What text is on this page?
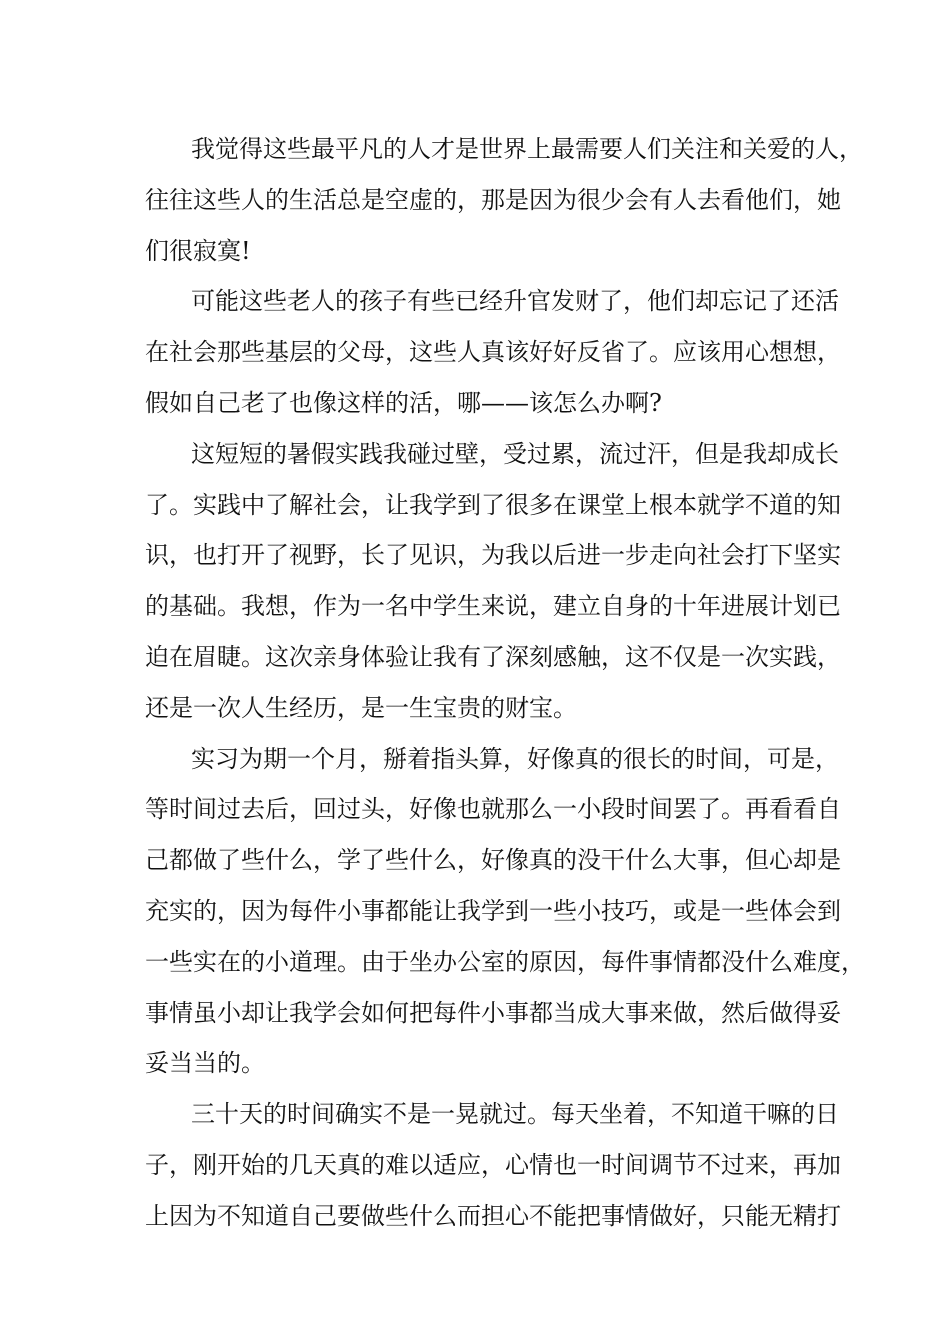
我觉得这些最平凡的人才是世界上最需要人们关注和关爱的人，
往往这些人的生活总是空虚的，那是因为很少会有人去看他们，她
们很寂寞!
可能这些老人的孩子有些已经升官发财了，他们却忘记了还活
在社会那些基层的父母，这些人真该好好反省了。应该用心想想，
假如自己老了也像这样的活，哪——该怎么办啊?
这短短的暑假实践我碰过壁，受过累，流过汗，但是我却成长
了。实践中了解社会，让我学到了很多在课堂上根本就学不道的知
识，也打开了视野，长了见识，为我以后进一步走向社会打下坚实
的基础。我想，作为一名中学生来说，建立自身的十年进展计划已
迫在眉睫。这次亲身体验让我有了深刻感触，这不仅是一次实践，
还是一次人生经历，是一生宝贵的财宝。
实习为期一个月，掰着指头算，好像真的很长的时间，可是，
等时间过去后，回过头，好像也就那么一小段时间罢了。再看看自
己都做了些什么，学了些什么，好像真的没干什么大事，但心却是
充实的，因为每件小事都能让我学到一些小技巧，或是一些体会到
一些实在的小道理。由于坐办公室的原因，每件事情都没什么难度，
事情虽小却让我学会如何把每件小事都当成大事来做，然后做得妥
妥当当的。
三十天的时间确实不是一晃就过。每天坐着，不知道干嘛的日
子，刚开始的几天真的难以适应，心情也一时间调节不过来，再加
上因为不知道自己要做些什么而担心不能把事情做好，只能无精打
